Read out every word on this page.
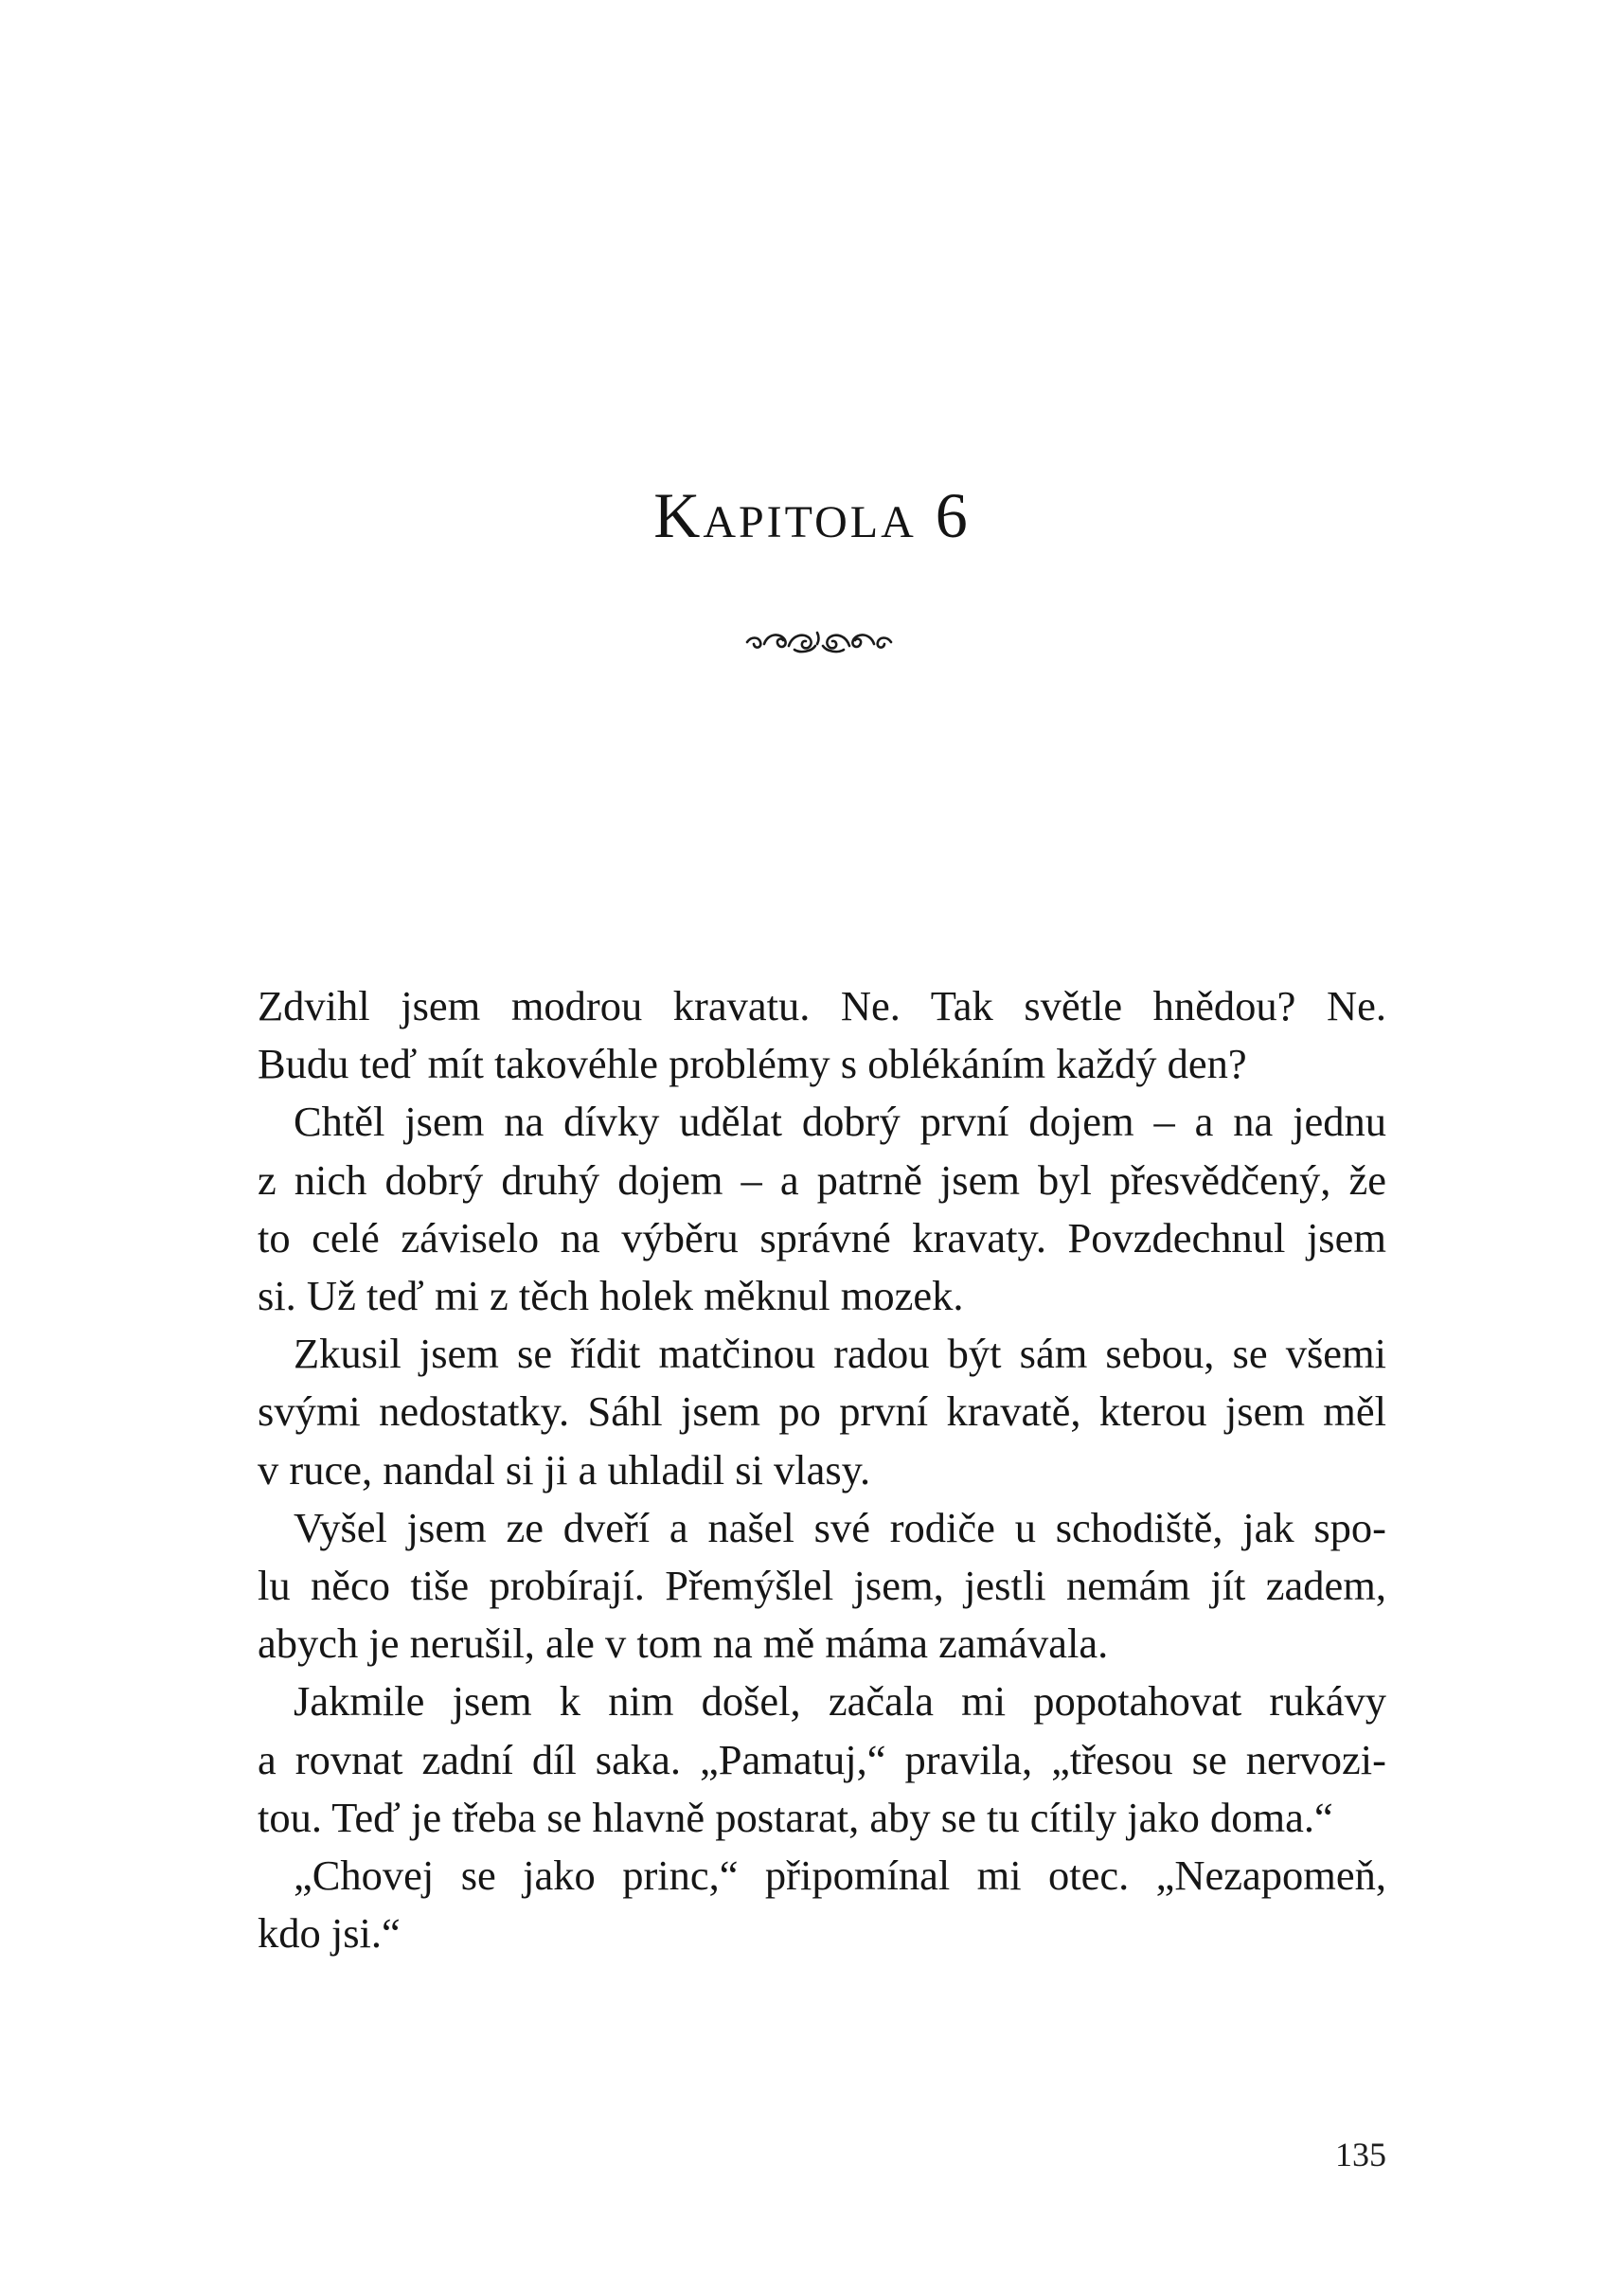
Kapitola 6

Zdvihl jsem modrou kravatu. Ne. Tak světle hnědou? Ne.
Budu teď mít takovéhle problémy s oblékáním každý den?

Chtěl jsem na dívky udělat dobrý první dojem – a na jednu
z nich dobrý druhý dojem – a patrně jsem byl přesvědčený, že
to celé záviselo na výběru správné kravaty. Povzdechnul jsem
si. Už teď mi z těch holek měknul mozek.

Zkusil jsem se řídit matčinou radou být sám sebou, se všemi
svými nedostatky. Sáhl jsem po první kravatě, kterou jsem měl
v ruce, nandal si ji a uhladil si vlasy.

Vyšel jsem ze dveří a našel své rodiče u schodiště, jak spo-
lu něco tiše probírají. Přemýšlel jsem, jestli nemám jít zadem,
abych je nerušil, ale v tom na mě máma zamávala.

Jakmile jsem k nim došel, začala mi popotahovat rukávy
a rovnat zadní díl saka. „Pamatuj,“ pravila, „třesou se nervozi-
tou. Teď je třeba se hlavně postarat, aby se tu cítily jako doma.“

„Chovej se jako princ,“ připomínal mi otec. „Nezapomeň,
kdo jsi.“

135
